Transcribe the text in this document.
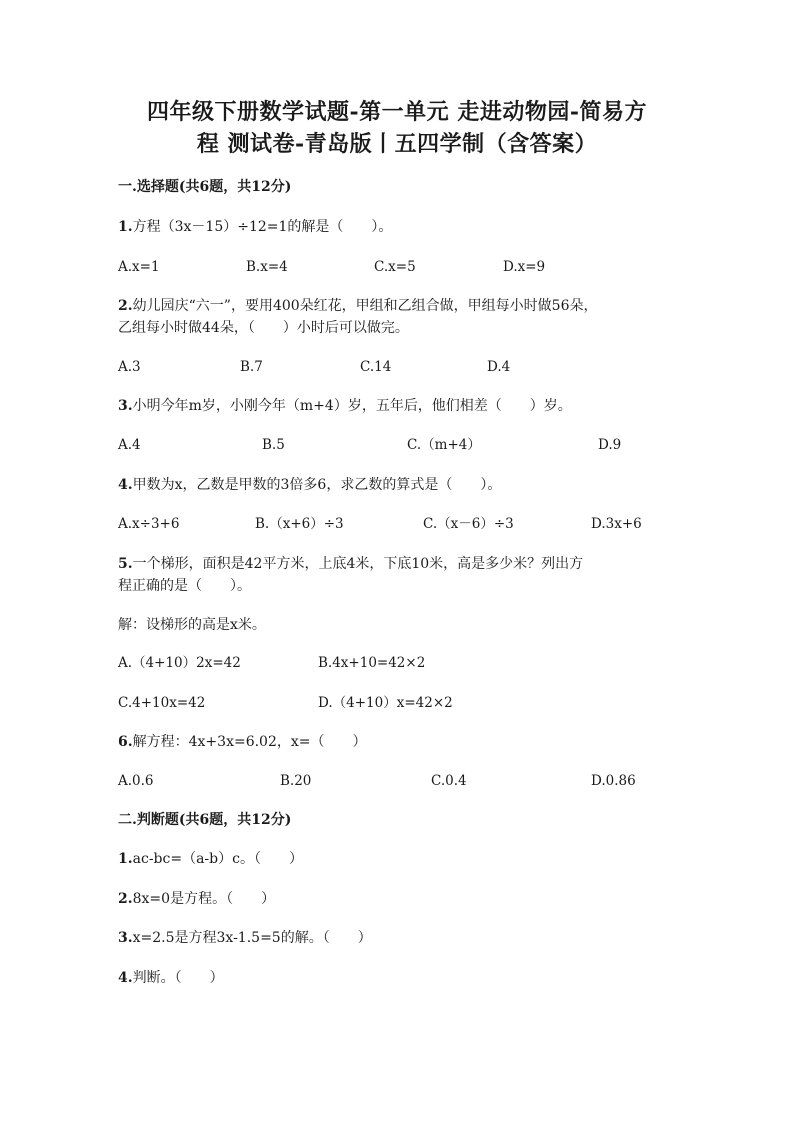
四年级下册数学试题-第一单元 走进动物园-简易方
程 测试卷-青岛版丨五四学制（含答案）
一.选择题(共6题，共12分)
1.方程（3x－15）÷12=1的解是（　　）。
A.x=1	B.x=4	C.x=5	D.x=9
2.幼儿园庆“六一”，要用400朵红花，甲组和乙组合做，甲组每小时做56朵，
乙组每小时做44朵，（　　）小时后可以做完。
A.3	B.7	C.14	D.4
3.小明今年m岁，小刚今年（m+4）岁，五年后，他们相差（　　）岁。
A.4	B.5	C.（m+4）	D.9
4.甲数为x，乙数是甲数的3倍多6，求乙数的算式是（　　）。
A.x÷3+6	B.（x+6）÷3	C.（x－6）÷3	D.3x+6
5.一个梯形，面积是42平方米，上底4米，下底10米，高是多少米？列出方
程正确的是（　　）。
解：设梯形的高是x米。
A.（4+10）2x=42	B.4x+10=42×2
C.4+10x=42	D.（4+10）x=42×2
6.解方程：4x+3x=6.02，x=（　　）
A.0.6	B.20	C.0.4	D.0.86
二.判断题(共6题，共12分)
1.ac-bc=（a-b）c。（　　）
2.8x=0是方程。（　　）
3.x=2.5是方程3x-1.5=5的解。（　　）
4.判断。（　　）
